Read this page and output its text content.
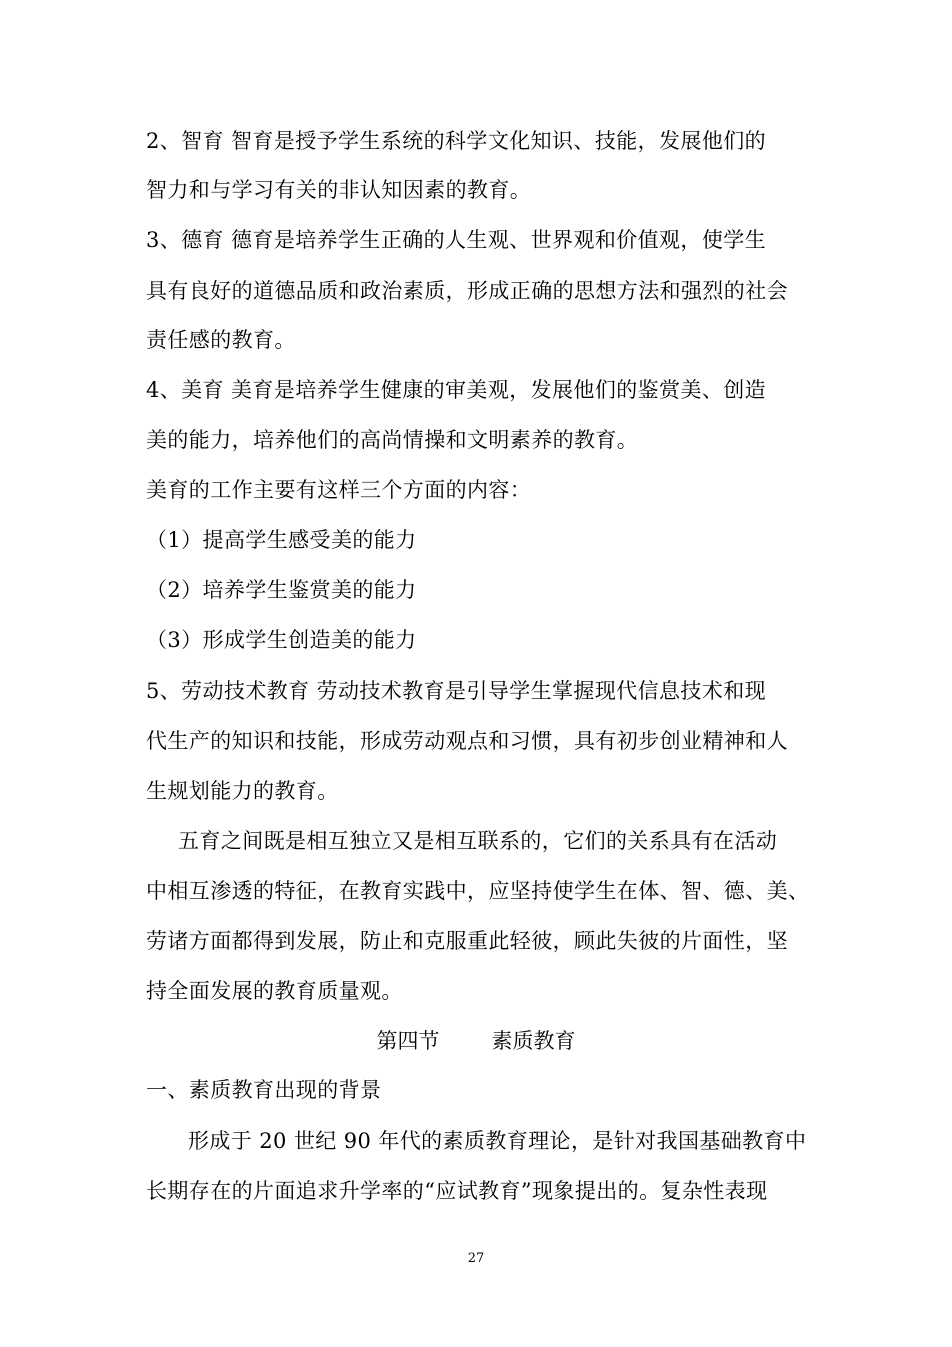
2、智育 智育是授予学生系统的科学文化知识、技能，发展他们的
智力和与学习有关的非认知因素的教育。
3、德育 德育是培养学生正确的人生观、世界观和价值观，使学生
具有良好的道德品质和政治素质，形成正确的思想方法和强烈的社会
责任感的教育。
4、美育 美育是培养学生健康的审美观，发展他们的鉴赏美、创造
美的能力，培养他们的高尚情操和文明素养的教育。
美育的工作主要有这样三个方面的内容：
（1）提高学生感受美的能力
（2）培养学生鉴赏美的能力
（3）形成学生创造美的能力
5、劳动技术教育 劳动技术教育是引导学生掌握现代信息技术和现
代生产的知识和技能，形成劳动观点和习惯，具有初步创业精神和人
生规划能力的教育。
五育之间既是相互独立又是相互联系的，它们的关系具有在活动
中相互渗透的特征，在教育实践中，应坚持使学生在体、智、德、美、
劳诸方面都得到发展，防止和克服重此轻彼，顾此失彼的片面性，坚
持全面发展的教育质量观。
第四节 素质教育
一、素质教育出现的背景
形成于 20 世纪 90 年代的素质教育理论，是针对我国基础教育中
长期存在的片面追求升学率的“应试教育”现象提出的。复杂性表现
27
